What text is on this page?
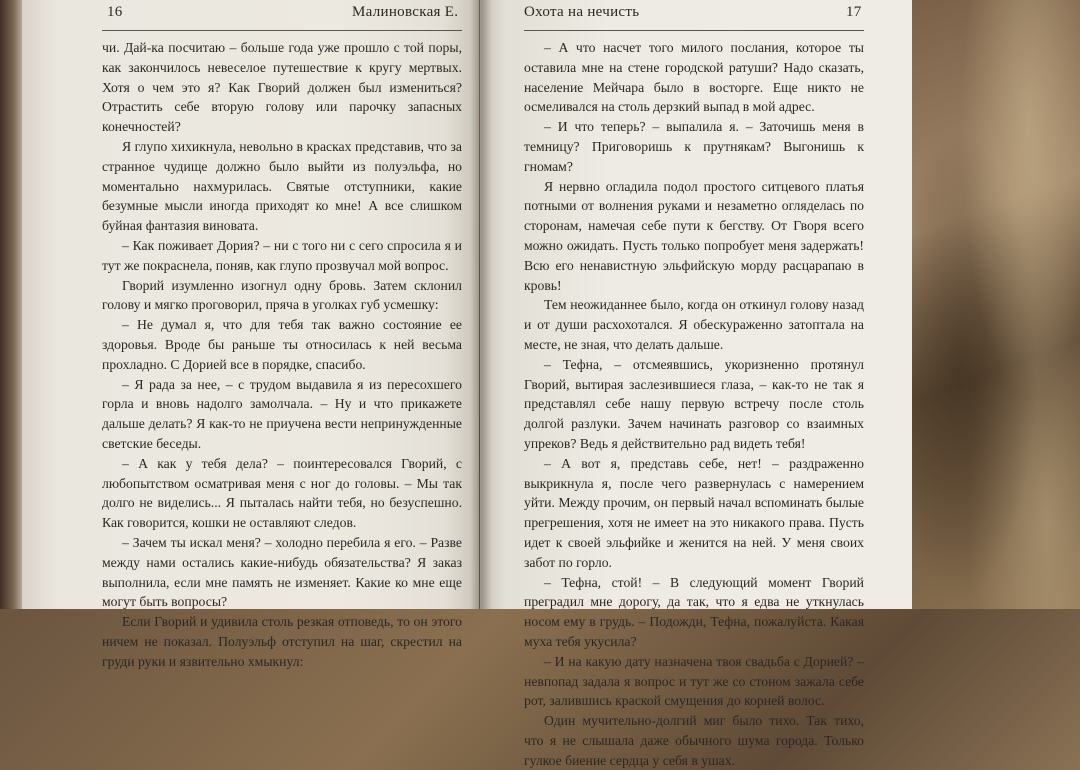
16	Малиновская Е.

чи. Дай-ка посчитаю – больше года уже прошло с той поры, как закончилось невеселое путешествие к кругу мертвых. Хотя о чем это я? Как Гворий должен был измениться? Отрастить себе вторую голову или парочку запасных конечностей?

Я глупо хихикнула, невольно в красках представив, что за странное чудище должно было выйти из полуэльфа, но моментально нахмурилась. Святые отступники, какие безумные мысли иногда приходят ко мне! А все слишком буйная фантазия виновата.

– Как поживает Дория? – ни с того ни с сего спросила я и тут же покраснела, поняв, как глупо прозвучал мой вопрос.

Гворий изумленно изогнул одну бровь. Затем склонил голову и мягко проговорил, пряча в уголках губ усмешку:

– Не думал я, что для тебя так важно состояние ее здоровья. Вроде бы раньше ты относилась к ней весьма прохладно. С Дорией все в порядке, спасибо.

– Я рада за нее, – с трудом выдавила я из пересохшего горла и вновь надолго замолчала. – Ну и что прикажете дальше делать? Я как-то не приучена вести непринужденные светские беседы.

– А как у тебя дела? – поинтересовался Гворий, с любопытством осматривая меня с ног до головы. – Мы так долго не виделись... Я пыталась найти тебя, но безуспешно. Как говорится, кошки не оставляют следов.

– Зачем ты искал меня? – холодно перебила я его. – Разве между нами остались какие-нибудь обязательства? Я заказ выполнила, если мне память не изменяет. Какие ко мне еще могут быть вопросы?

Если Гворий и удивила столь резкая отповедь, то он этого ничем не показал. Полуэльф отступил на шаг, скрестил на груди руки и язвительно хмыкнул:

Охота на нечисть	17

– А что насчет того милого послания, которое ты оставила мне на стене городской ратуши? Надо сказать, население Мейчара было в восторге. Еще никто не осмеливался на столь дерзкий выпад в мой адрес.

– И что теперь? – выпалила я. – Заточишь меня в темницу? Приговоришь к прутнякам? Выгонишь к гномам?

Я нервно огладила подол простого ситцевого платья потными от волнения руками и незаметно огляделась по сторонам, намечая себе пути к бегству. От Гворя всего можно ожидать. Пусть только попробует меня задержать! Всю его ненавистную эльфийскую морду расцарапаю в кровь!

Тем неожиданнее было, когда он откинул голову назад и от души расхохотался. Я обескураженно затоптала на месте, не зная, что делать дальше.

– Тефна, – отсмеявшись, укоризненно протянул Гворий, вытирая заслезившиеся глаза, – как-то не так я представлял себе нашу первую встречу после столь долгой разлуки. Зачем начинать разговор со взаимных упреков? Ведь я действительно рад видеть тебя!

– А вот я, представь себе, нет! – раздраженно выкрикнула я, после чего развернулась с намерением уйти. Между прочим, он первый начал вспоминать былые прегрешения, хотя не имеет на это никакого права. Пусть идет к своей эльфийке и женится на ней. У меня своих забот по горло.

– Тефна, стой! – В следующий момент Гворий преградил мне дорогу, да так, что я едва не уткнулась носом ему в грудь. – Подожди, Тефна, пожалуйста. Какая муха тебя укусила?

– И на какую дату назначена твоя свадьба с Дорией? – невпопад задала я вопрос и тут же со стоном зажала себе рот, залившись краской смущения до корней волос.

Один мучительно-долгий миг было тихо. Так тихо, что я не слышала даже обычного шума города. Только гулкое биение сердца у себя в ушах.
